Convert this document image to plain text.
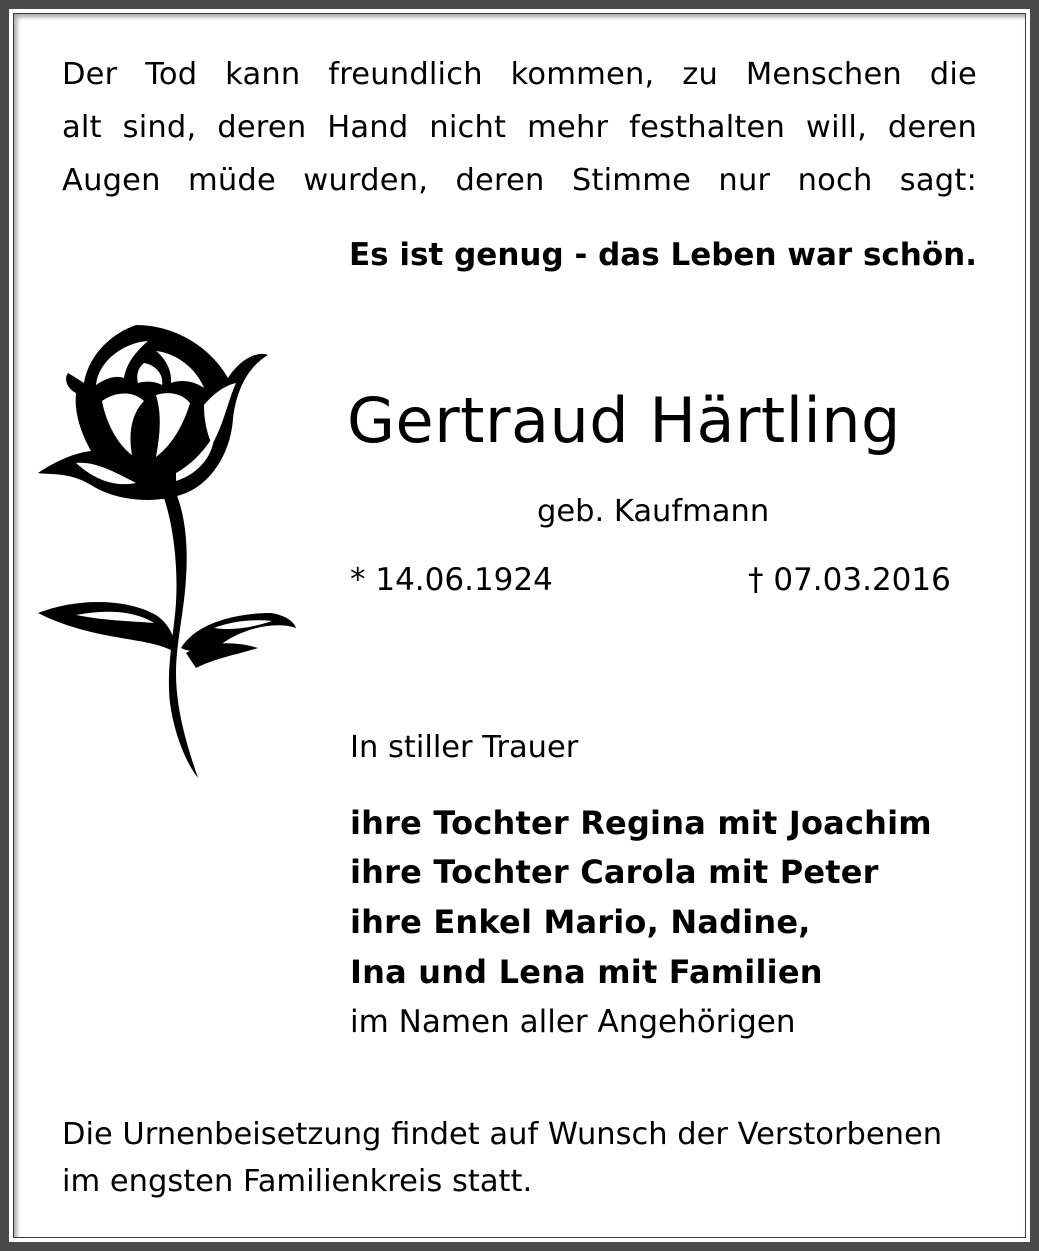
Der Tod kann freundlich kommen, zu Menschen die
alt sind, deren Hand nicht mehr festhalten will, deren
Augen müde wurden, deren Stimme nur noch sagt:
Es ist genug - das Leben war schön.
Gertraud Härtling
geb. Kaufmann
* 14.06.1924	† 07.03.2016
In stiller Trauer
ihre Tochter Regina mit Joachim
ihre Tochter Carola mit Peter
ihre Enkel Mario, Nadine,
Ina und Lena mit Familien
im Namen aller Angehörigen
Die Urnenbeisetzung findet auf Wunsch der Verstorbenen
im engsten Familienkreis statt.
